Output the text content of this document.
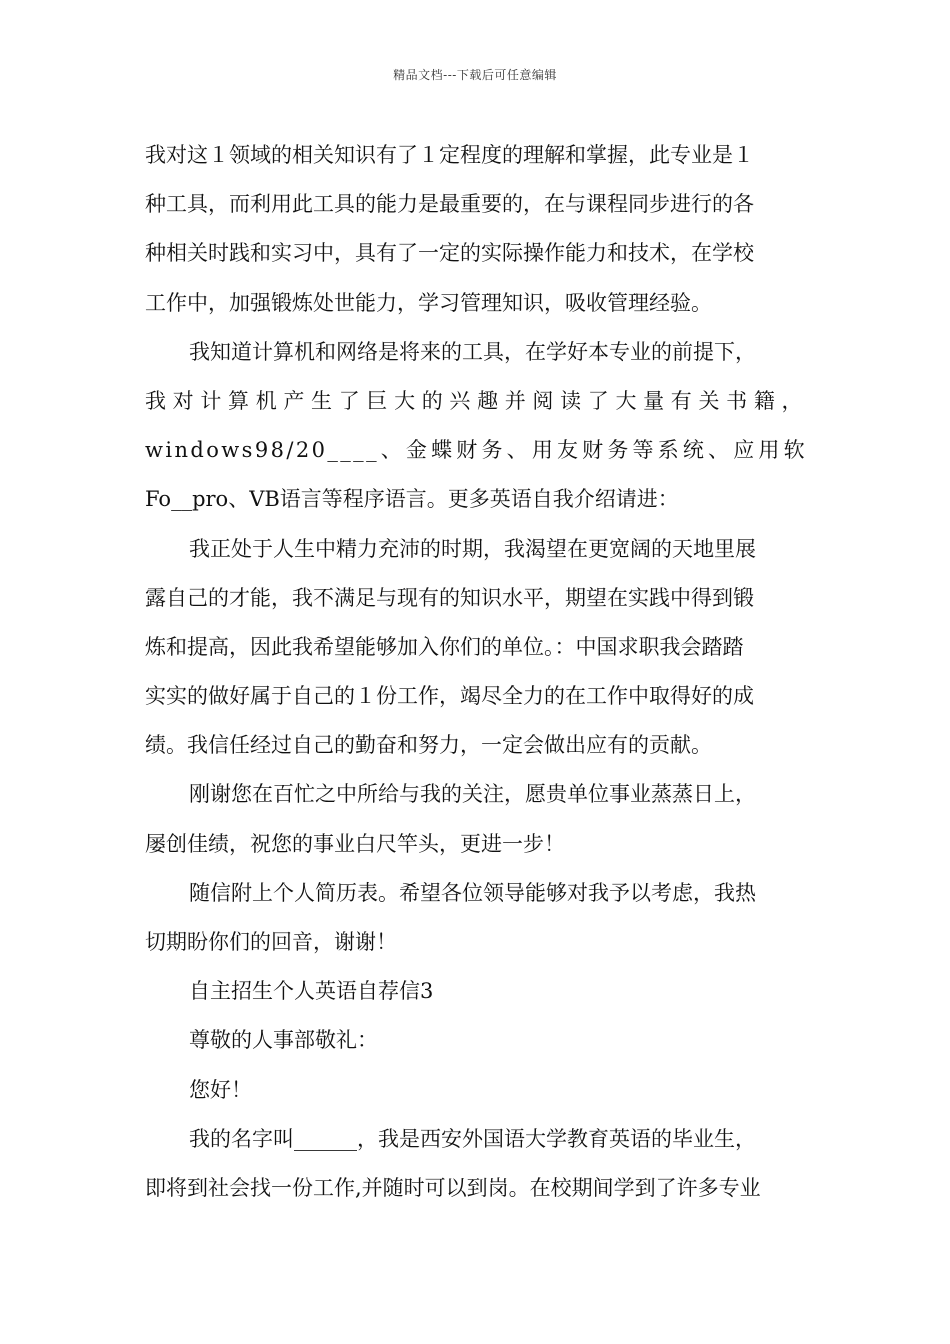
精品文档---下载后可任意编辑
我对这１领域的相关知识有了１定程度的理解和掌握，此专业是１
种工具，而利用此工具的能力是最重要的，在与课程同步进行的各
种相关时践和实习中，具有了一定的实际操作能力和技术，在学校
工作中，加强锻炼处世能力，学习管理知识，吸收管理经验。
我知道计算机和网络是将来的工具，在学好本专业的前提下，
我对计算机产生了巨大的兴趣并阅读了大量有关书籍，
windows98/20____、金蝶财务、用友财务等系统、应用软
Fo__pro、VB语言等程序语言。更多英语自我介绍请进：
我正处于人生中精力充沛的时期，我渴望在更宽阔的天地里展
露自己的才能，我不满足与现有的知识水平，期望在实践中得到锻
炼和提高，因此我希望能够加入你们的单位。：中国求职我会踏踏
实实的做好属于自己的１份工作，竭尽全力的在工作中取得好的成
绩。我信任经过自己的勤奋和努力，一定会做出应有的贡献。
刚谢您在百忙之中所给与我的关注，愿贵单位事业蒸蒸日上，
屡创佳绩，祝您的事业白尺竿头，更进一步！
随信附上个人简历表。希望各位领导能够对我予以考虑，我热
切期盼你们的回音，谢谢！
自主招生个人英语自荐信3
尊敬的人事部敬礼：
您好！
我的名字叫______，我是西安外国语大学教育英语的毕业生，
即将到社会找一份工作,并随时可以到岗。在校期间学到了许多专业
